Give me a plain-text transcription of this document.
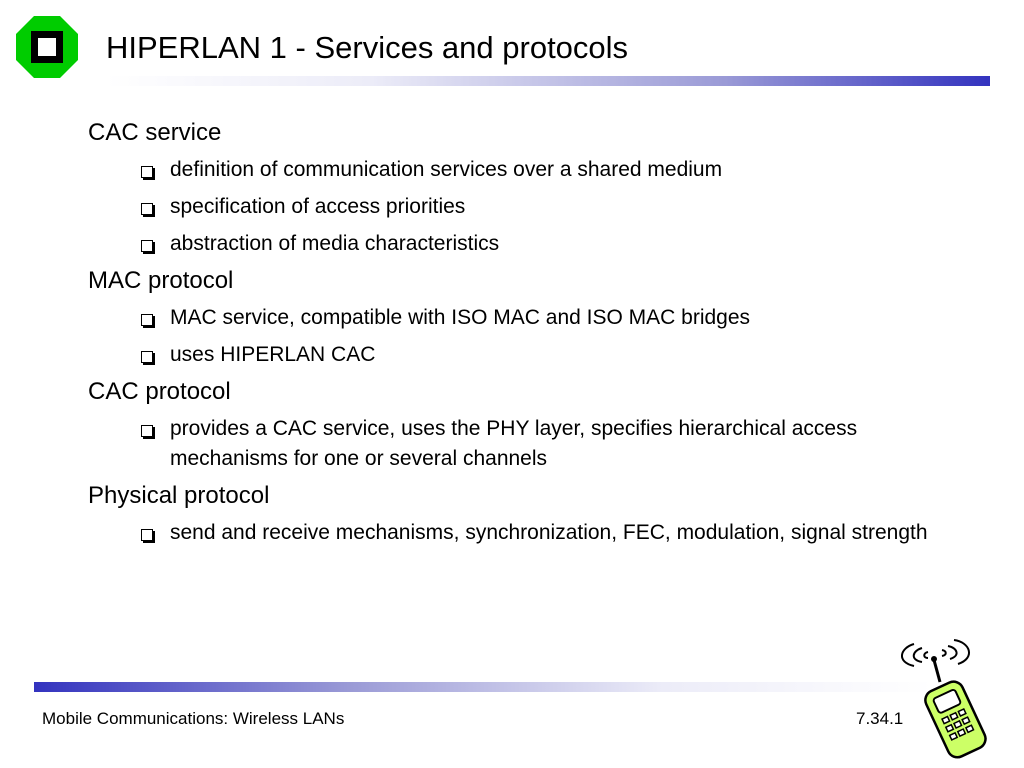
HIPERLAN 1 - Services and protocols
CAC service
definition of communication services over a shared medium
specification of access priorities
abstraction of media characteristics
MAC protocol
MAC service, compatible with ISO MAC and ISO MAC bridges
uses HIPERLAN CAC
CAC protocol
provides a CAC service, uses the PHY layer, specifies hierarchical access mechanisms for one or several channels
Physical protocol
send and receive mechanisms, synchronization, FEC, modulation, signal strength
Mobile Communications: Wireless LANs	7.34.1
